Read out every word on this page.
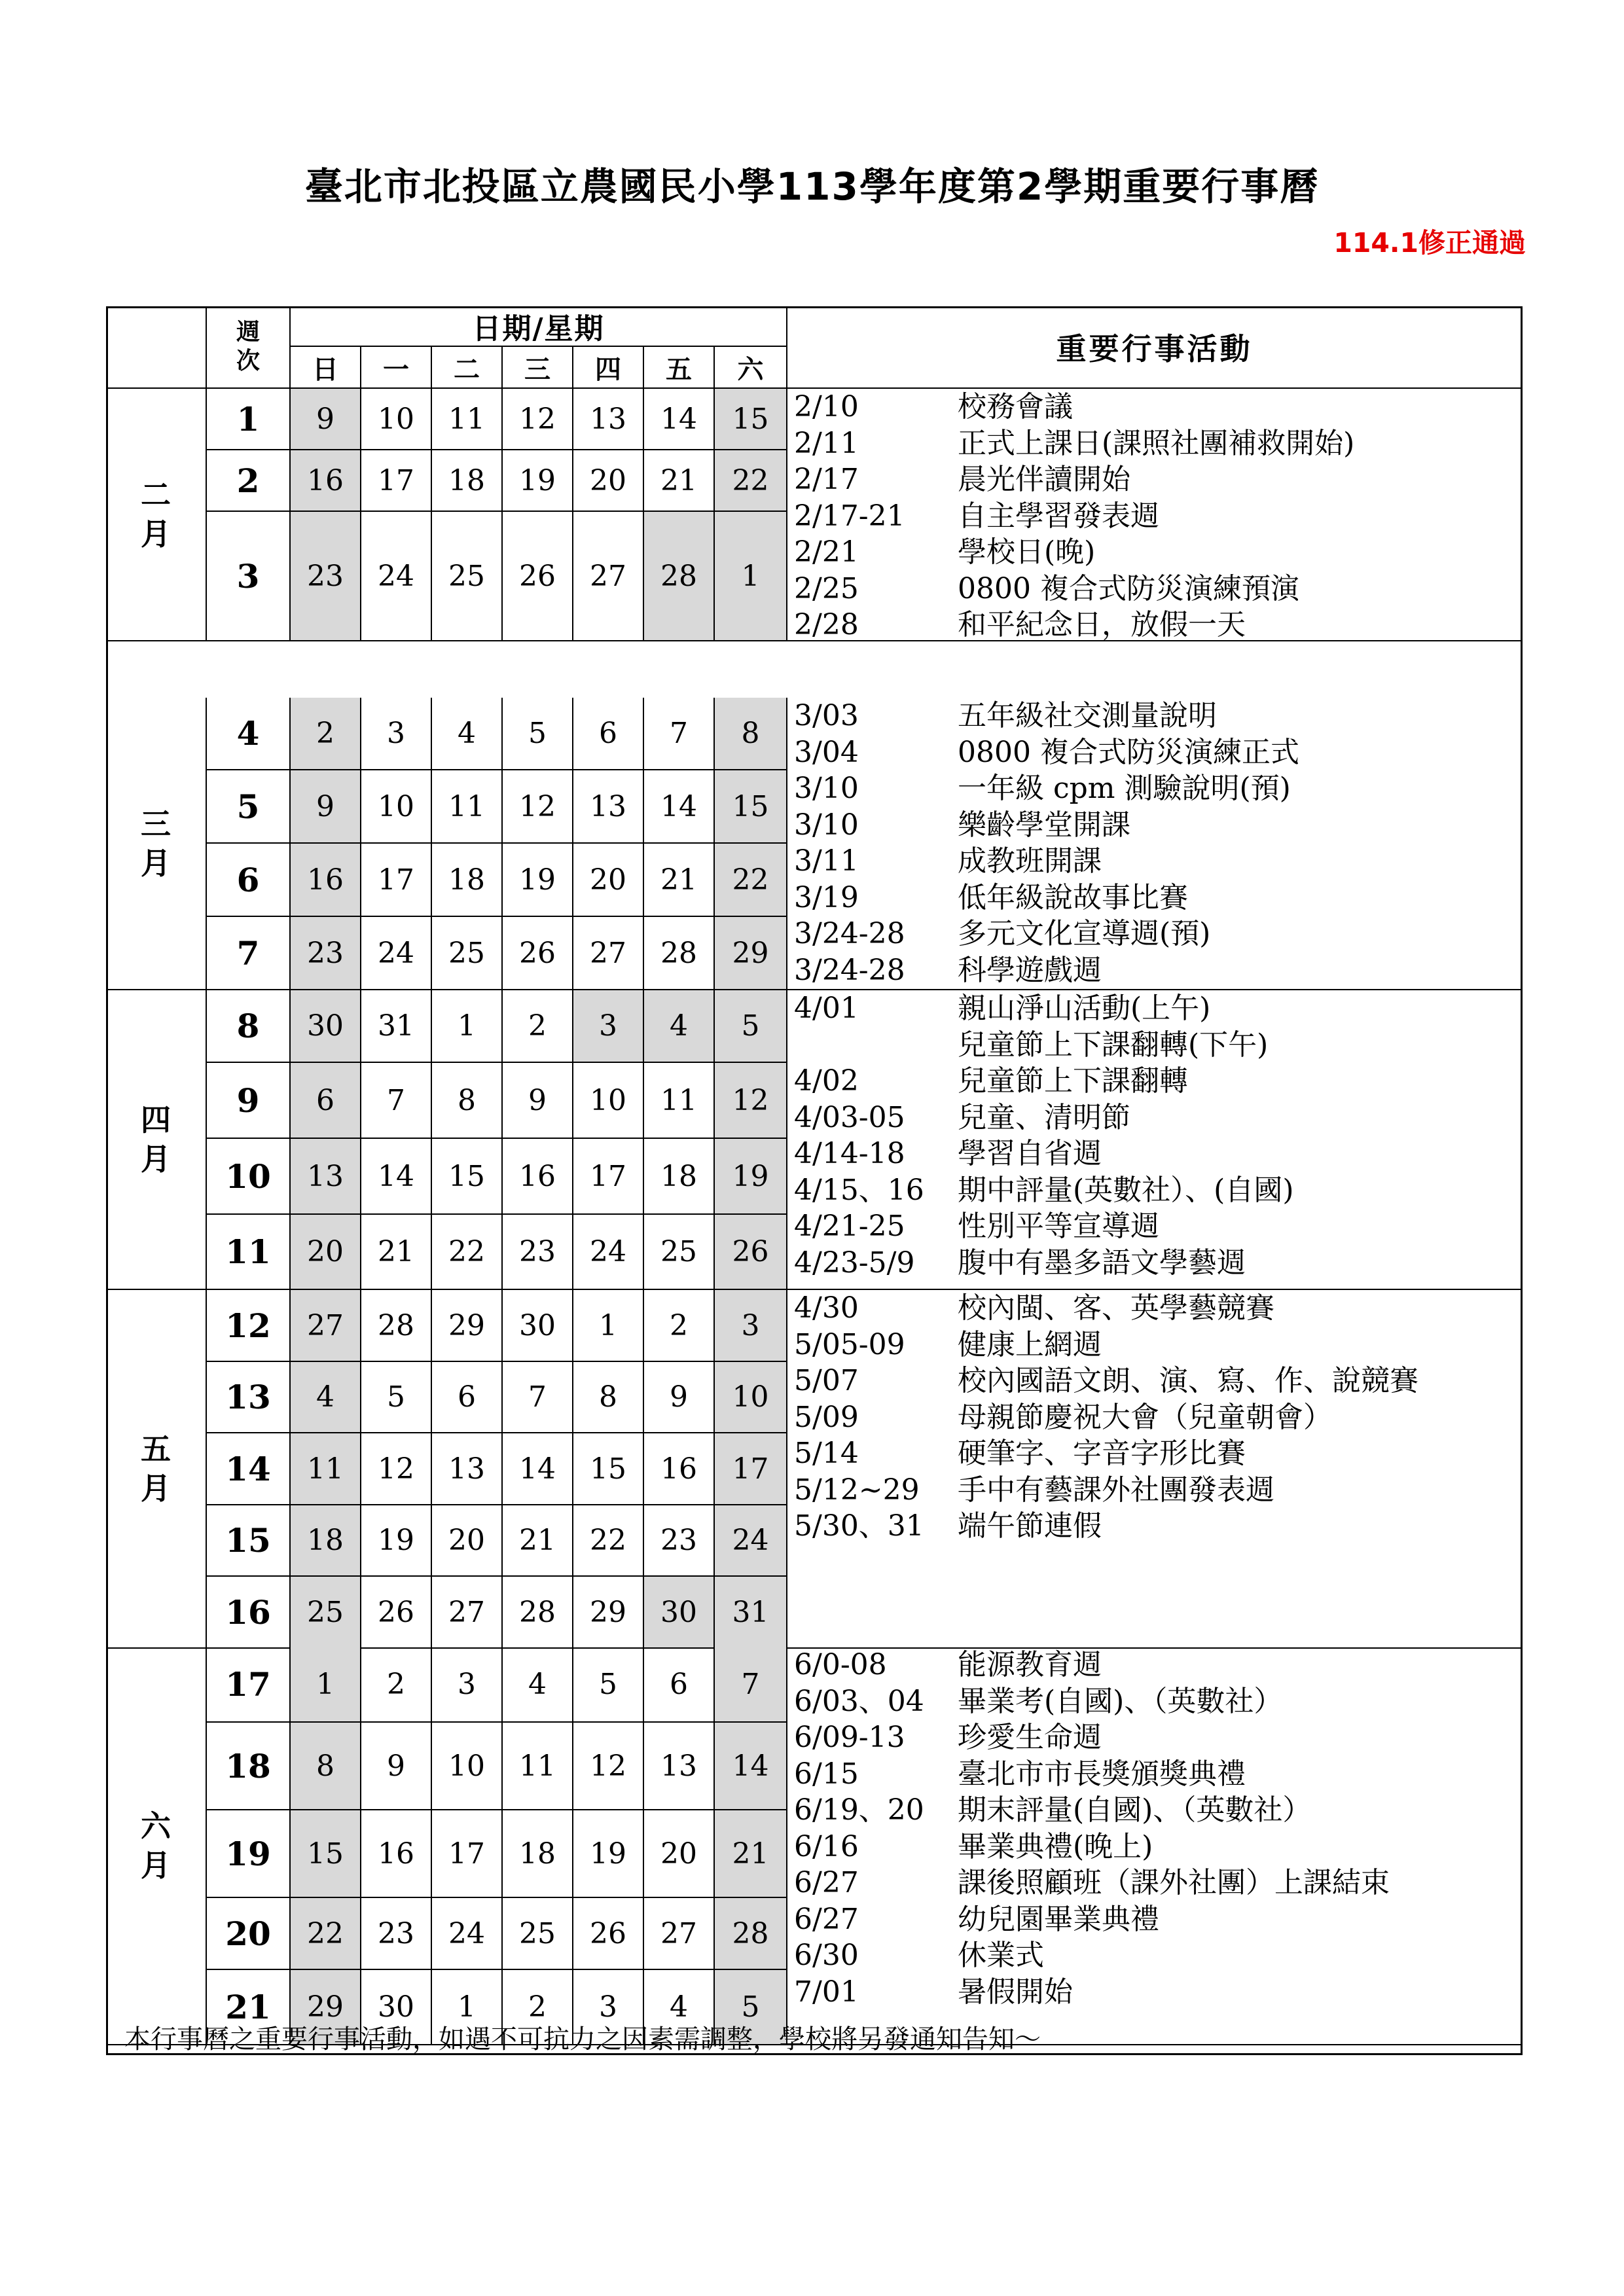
臺北市北投區立農國民小學113學年度第2學期重要行事曆
114.1修正通過
週
次
日期/星期
重要行事活動
日	一	二	三	四	五	六
二
月
1	9	10	11	12	13	14	15
2	16	17	18	19	20	21	22
3	23	24	25	26	27	28	1
2/10	校務會議
2/11	正式上課日(課照社團補救開始)
2/17	晨光伴讀開始
2/17-21 自主學習發表週
2/21	學校日(晚)
2/25	0800 複合式防災演練預演
2/28	和平紀念日，放假一天
三
月
4	2	3	4	5	6	7	8
5	9	10	11	12	13	14	15
6	16	17	18	19	20	21	22
7	23	24	25	26	27	28	29
3/03	五年級社交測量說明
3/04	0800 複合式防災演練正式
3/10	一年級 cpm 測驗說明(預)
3/10	樂齡學堂開課
3/11	成教班開課
3/19	低年級說故事比賽
3/24-28 多元文化宣導週(預)
3/24-28 科學遊戲週
四
月
8	30	31	1	2	3	4	5
9	6	7	8	9	10	11	12
10	13	14	15	16	17	18	19
11	20	21	22	23	24	25	26
4/01	親山淨山活動(上午)
兒童節上下課翻轉(下午)
4/02	兒童節上下課翻轉
4/03-05 兒童、清明節
4/14-18 學習自省週
4/15、16 期中評量(英數社）、(自國)
4/21-25 性別平等宣導週
4/23-5/9 腹中有墨多語文學藝週
五
月
12	27	28	29	30	1	2	3
13	4	5	6	7	8	9	10
14	11	12	13	14	15	16	17
15	18	19	20	21	22	23	24
16	25	26	27	28	29	30	31
4/30	校內閩、客、英學藝競賽
5/05-09 健康上網週
5/07	校內國語文朗、演、寫、作、說競賽
5/09	母親節慶祝大會（兒童朝會）
5/14	硬筆字、字音字形比賽
5/12~29 手中有藝課外社團發表週
5/30、31 端午節連假
六
月
17	1	2	3	4	5	6	7
18	8	9	10	11	12	13	14
19	15	16	17	18	19	20	21
20	22	23	24	25	26	27	28
21	29	30	1	2	3	4	5
6/0-08 能源教育週
6/03、04 畢業考(自國)、（英數社）
6/09-13 珍愛生命週
6/15	臺北市市長獎頒獎典禮
6/19、20 期末評量(自國)、（英數社）
6/16	畢業典禮(晚上)
6/27	課後照顧班（課外社團）上課結束
6/27	幼兒園畢業典禮
6/30	休業式
7/01	暑假開始
本行事曆之重要行事活動，如遇不可抗力之因素需調整，學校將另發通知告知～
